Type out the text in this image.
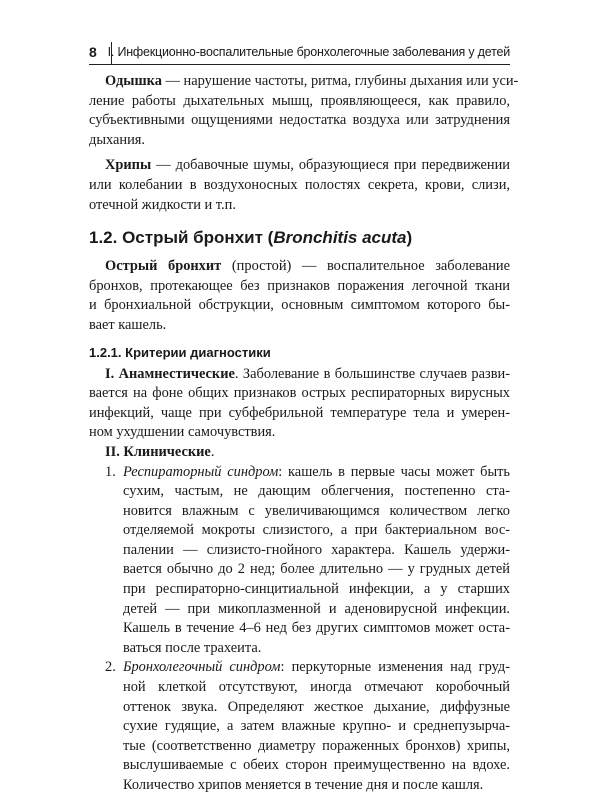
8 I. Инфекционно-воспалительные бронхолегочные заболевания у детей
Одышка — нарушение частоты, ритма, глубины дыхания или уси-
ление работы дыхательных мышц, проявляющееся, как правило,
субъективными ощущениями недостатка воздуха или затруднения
дыхания.
Хрипы — добавочные шумы, образующиеся при передвижении
или колебании в воздухоносных полостях секрета, крови, слизи,
отечной жидкости и т.п.
1.2. Острый бронхит (Bronchitis acuta)
Острый бронхит (простой) — воспалительное заболевание
бронхов, протекающее без признаков поражения легочной ткани
и бронхиальной обструкции, основным симптомом которого бы-
вает кашель.
1.2.1. Критерии диагностики
I. Анамнестические. Заболевание в большинстве случаев разви-
вается на фоне общих признаков острых респираторных вирусных
инфекций, чаще при субфебрильной температуре тела и умерен-
ном ухудшении самочувствия.
II. Клинические.
1. Респираторный синдром: кашель в первые часы может быть
сухим, частым, не дающим облегчения, постепенно ста-
новится влажным с увеличивающимся количеством легко
отделяемой мокроты слизистого, а при бактериальном вос-
палении — слизисто-гнойного характера. Кашель удержи-
вается обычно до 2 нед; более длительно — у грудных детей
при респираторно-синцитиальной инфекции, а у старших
детей — при микоплазменной и аденовирусной инфекции.
Кашель в течение 4–6 нед без других симптомов может оста-
ваться после трахеита.
2. Бронхолегочный синдром: перкуторные изменения над груд-
ной клеткой отсутствуют, иногда отмечают коробочный
оттенок звука. Определяют жесткое дыхание, диффузные
сухие гудящие, а затем влажные крупно- и среднепузырча-
тые (соответственно диаметру пораженных бронхов) хрипы,
выслушиваемые с обеих сторон преимущественно на вдохе.
Количество хрипов меняется в течение дня и после кашля.
